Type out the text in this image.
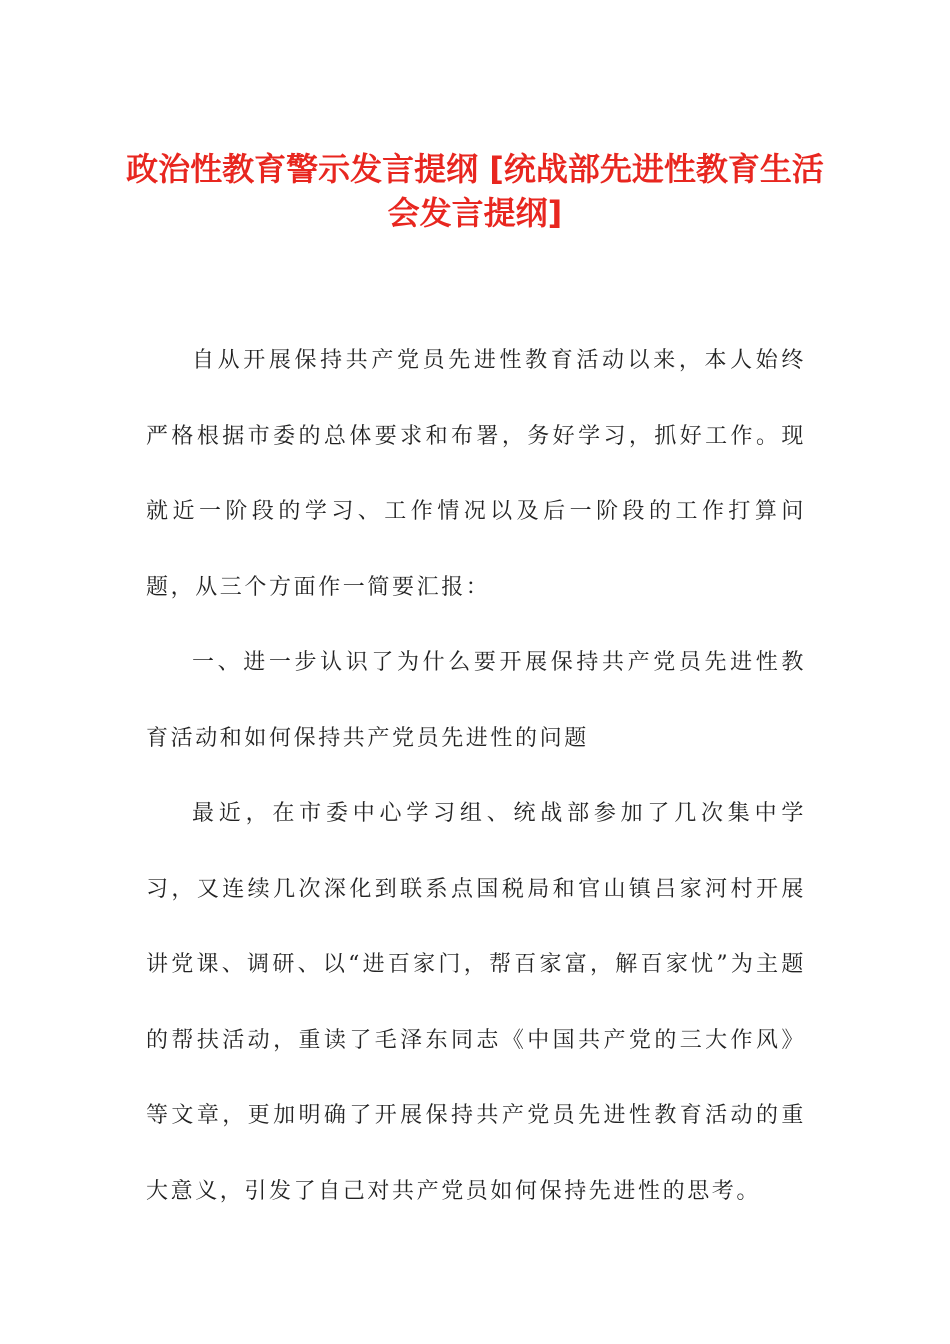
政治性教育警示发言提纲 [统战部先进性教育生活会发言提纲]

自从开展保持共产党员先进性教育活动以来，本人始终严格根据市委的总体要求和布署，务好学习，抓好工作。现就近一阶段的学习、工作情况以及后一阶段的工作打算问题，从三个方面作一简要汇报：

一、进一步认识了为什么要开展保持共产党员先进性教育活动和如何保持共产党员先进性的问题

最近，在市委中心学习组、统战部参加了几次集中学习，又连续几次深化到联系点国税局和官山镇吕家河村开展讲党课、调研、以“进百家门，帮百家富，解百家忧”为主题的帮扶活动，重读了毛泽东同志《中国共产党的三大作风》等文章，更加明确了开展保持共产党员先进性教育活动的重大意义，引发了自己对共产党员如何保持先进性的思考。
